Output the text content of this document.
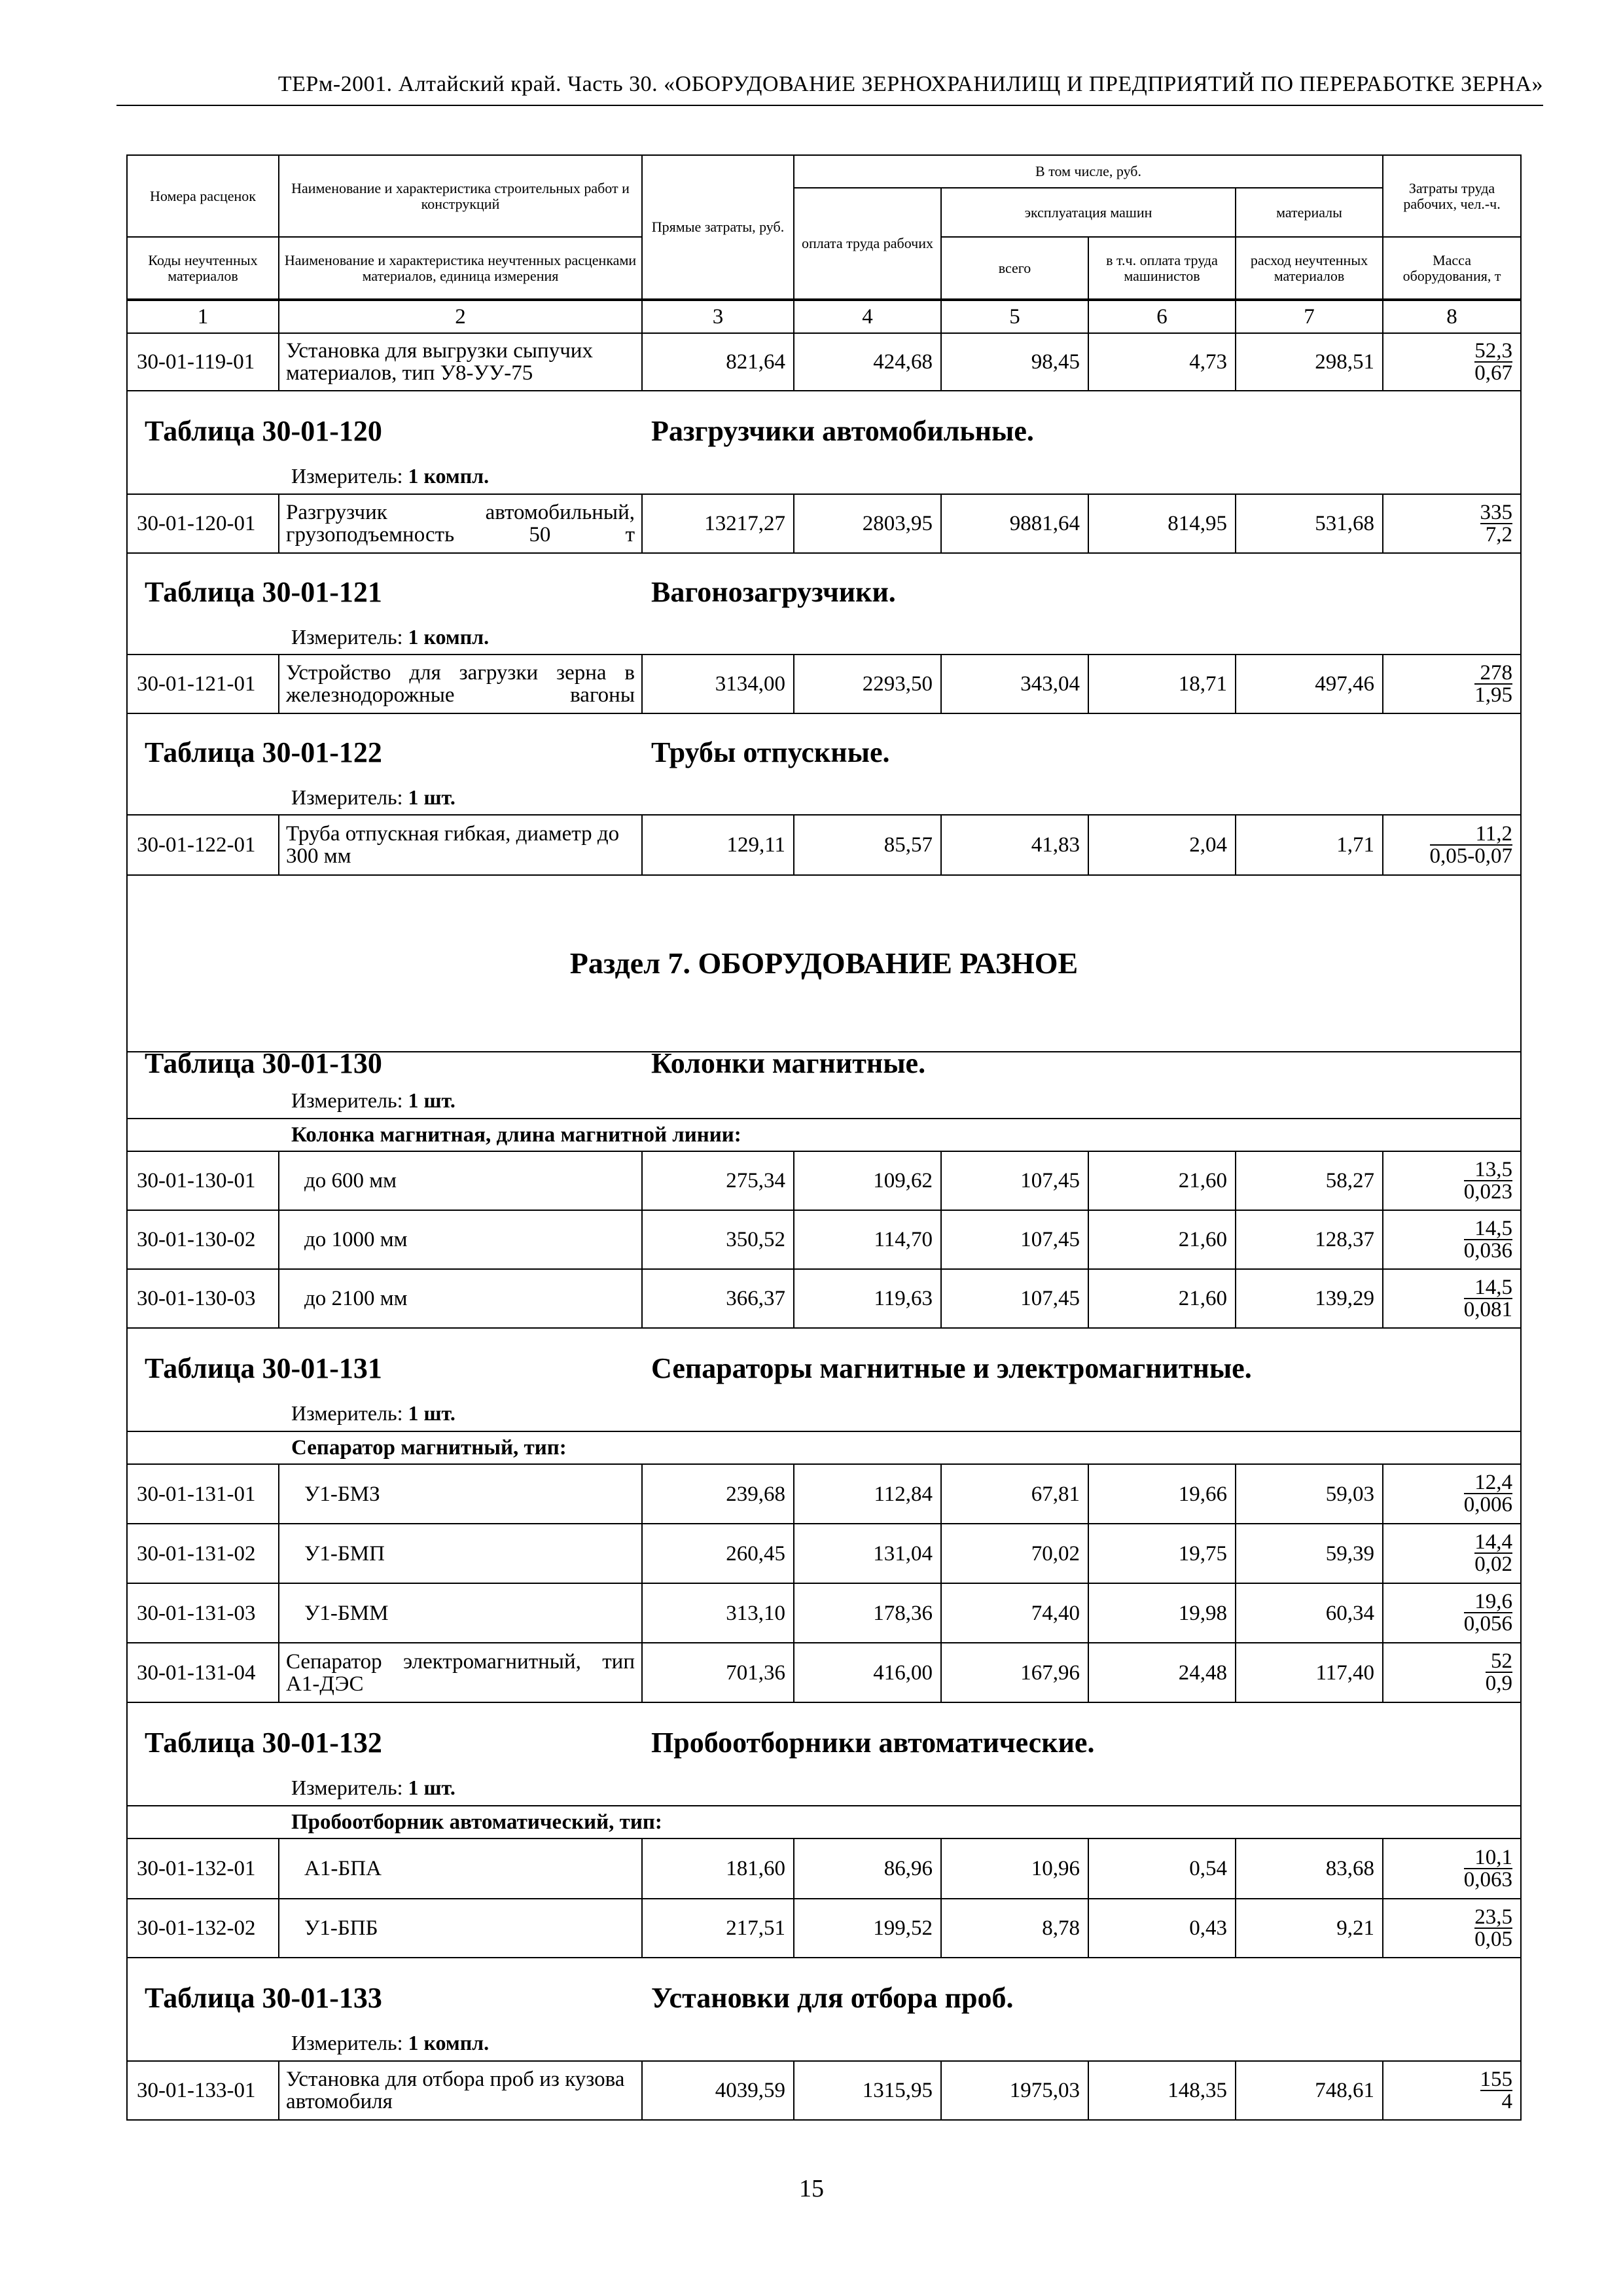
ТЕРм-2001. Алтайский край. Часть 30. «ОБОРУДОВАНИЕ ЗЕРНОХРАНИЛИЩ И ПРЕДПРИЯТИЙ ПО ПЕРЕРАБОТКЕ ЗЕРНА»
Номера расценок	Наименование и характеристика строительных работ и конструкций	Прямые затраты, руб.	В том числе, руб.				Затраты труда рабочих, чел.-ч.
			оплата труда рабочих	эксплуатация машин		материалы	
Коды неучтенных материалов	Наименование и характеристика неучтенных расценками материалов, единица измерения			всего	в т.ч. оплата труда машинистов	расход неучтенных материалов	Масса оборудования, т
1	2	3	4	5	6	7	8
30-01-119-01	Установка для выгрузки сыпучих материалов, тип У8-УУ-75	821,64	424,68	98,45	4,73	298,51	$\frac{52,3}{0,67}$

Таблица 30-01-120 Разгрузчики автомобильные.
Измеритель: 1 компл.							

30-01-120-01	Разгрузчик автомобильный, грузоподъемность 50 т	13217,27	2803,95	9881,64	814,95	531,68	$\frac{335}{7,2}$

Таблица 30-01-121 Вагонозагрузчики.
Измеритель: 1 компл.							

30-01-121-01	Устройство для загрузки зерна в железнодорожные вагоны	3134,00	2293,50	343,04	18,71	497,46	$\frac{278}{1,95}$

Таблица 30-01-122 Трубы отпускные.
Измеритель: 1 шт.							

30-01-122-01	Труба отпускная гибкая, диаметр до 300 мм	129,11	85,57	41,83	2,04	1,71	$\frac{11,2}{0,05-0,07}$

Раздел 7. ОБОРУДОВАНИЕ РАЗНОЕ							

Таблица 30-01-130 Колонки магнитные.
Измеритель: 1 шт.							

Колонка магнитная, длина магнитной линии:							
30-01-130-01	до 600 мм	275,34	109,62	107,45	21,60	58,27	$\frac{13,5}{0,023}$

30-01-130-02	до 1000 мм	350,52	114,70	107,45	21,60	128,37	$\frac{14,5}{0,036}$

30-01-130-03	до 2100 мм	366,37	119,63	107,45	21,60	139,29	$\frac{14,5}{0,081}$

Таблица 30-01-131 Сепараторы магнитные и электромагнитные.
Измеритель: 1 шт.							

Сепаратор магнитный, тип:							
30-01-131-01	У1-БМЗ	239,68	112,84	67,81	19,66	59,03	$\frac{12,4}{0,006}$

30-01-131-02	У1-БМП	260,45	131,04	70,02	19,75	59,39	$\frac{14,4}{0,02}$

30-01-131-03	У1-БММ	313,10	178,36	74,40	19,98	60,34	$\frac{19,6}{0,056}$

30-01-131-04	Сепаратор электромагнитный, тип А1-ДЭС	701,36	416,00	167,96	24,48	117,40	$\frac{52}{0,9}$

Таблица 30-01-132 Пробоотборники автоматические.
Измеритель: 1 шт.							

Пробоотборник автоматический, тип:							
30-01-132-01	А1-БПА	181,60	86,96	10,96	0,54	83,68	$\frac{10,1}{0,063}$

30-01-132-02	У1-БПБ	217,51	199,52	8,78	0,43	9,21	$\frac{23,5}{0,05}$

Таблица 30-01-133 Установки для отбора проб.
Измеритель: 1 компл.							

30-01-133-01	Установка для отбора проб из кузова автомобиля	4039,59	1315,95	1975,03	148,35	748,61	$\frac{155}{4}$
15
